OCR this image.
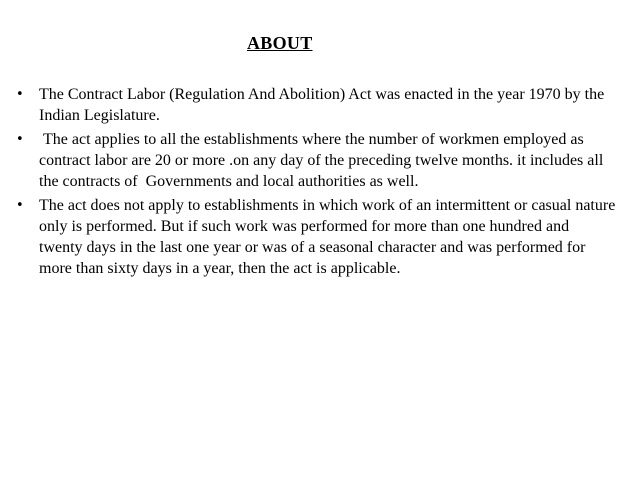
ABOUT
• The Contract Labor (Regulation And Abolition) Act was enacted in the year 1970 by the Indian Legislature.
• The act applies to all the establishments where the number of workmen employed as contract labor are 20 or more .on any day of the preceding twelve months. it includes all the contracts of  Governments and local authorities as well.
• The act does not apply to establishments in which work of an intermittent or casual nature only is performed. But if such work was performed for more than one hundred and twenty days in the last one year or was of a seasonal character and was performed for more than sixty days in a year, then the act is applicable.
